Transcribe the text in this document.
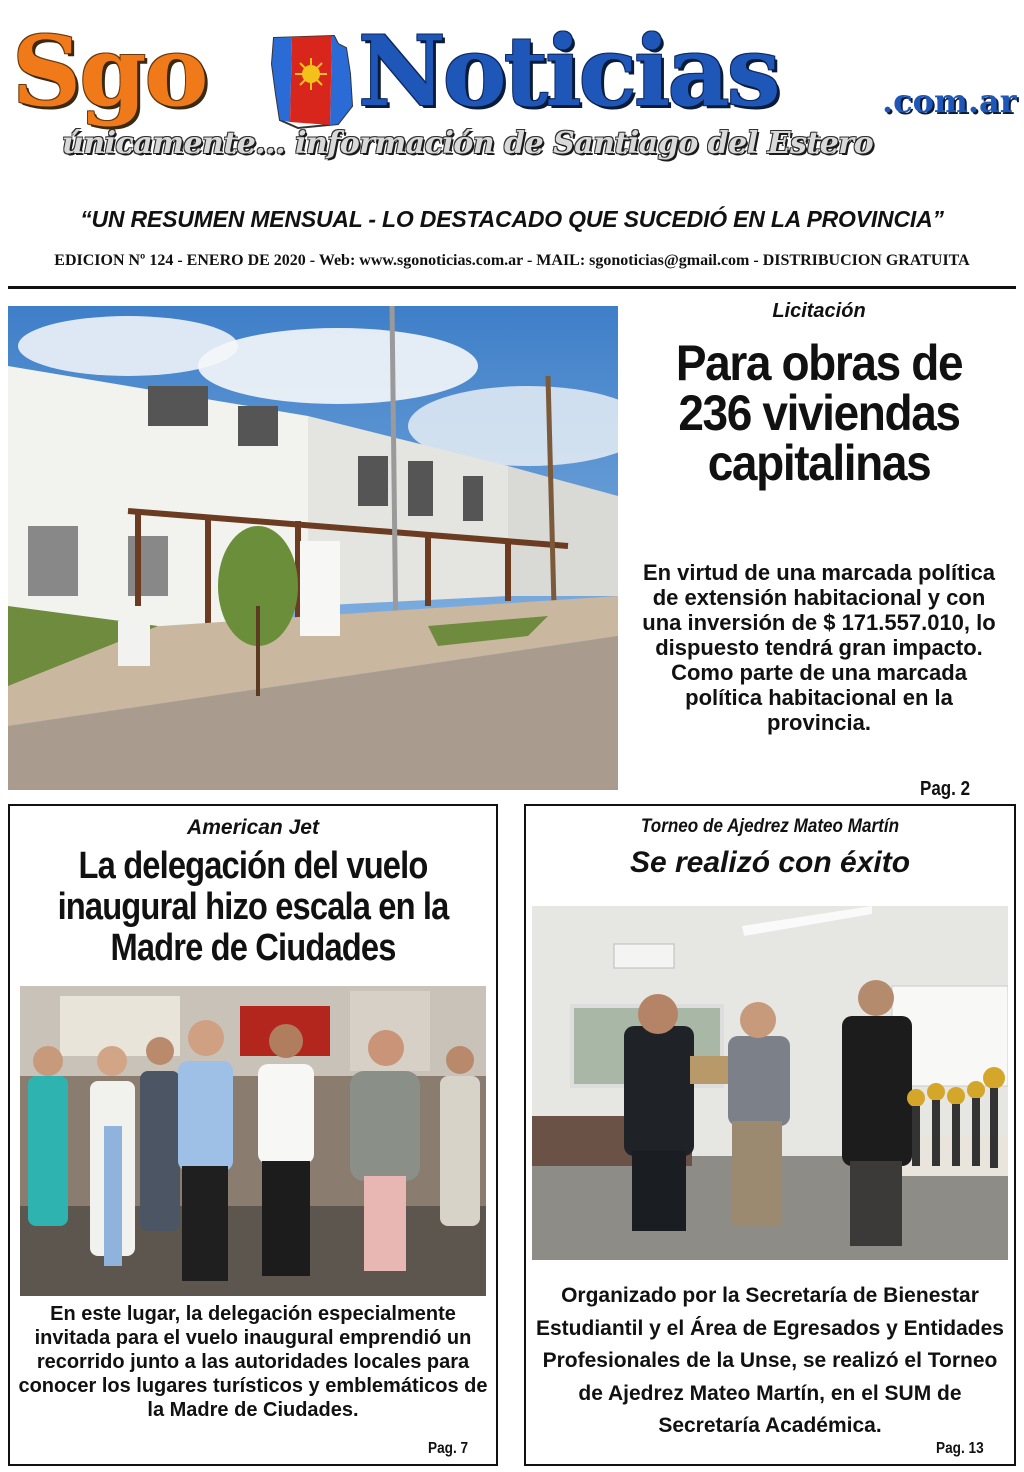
Sgo Noticias	.com.ar
únicamente... información de Santiago del Estero
“UN RESUMEN MENSUAL - LO DESTACADO QUE SUCEDIÓ EN LA PROVINCIA”
EDICION Nº 124 - ENERO DE 2020 - Web: www.sgonoticias.com.ar - MAIL: sgonoticias@gmail.com - DISTRIBUCION GRATUITA
Licitación
Para obras de 236 viviendas capitalinas
En virtud de una marcada política de extensión habitacional y con una inversión de $ 171.557.010, lo dispuesto tendrá gran impacto. Como parte de una marcada política habitacional en la provincia.
Pag. 2
American Jet
La delegación del vuelo inaugural hizo escala en la Madre de Ciudades
En este lugar, la delegación especialmente invitada para el vuelo inaugural emprendió un recorrido junto a las autoridades locales para conocer los lugares turísticos y emblemáticos de la Madre de Ciudades.
Pag. 7
Torneo de Ajedrez Mateo Martín
Se realizó con éxito
Organizado por la Secretaría de Bienestar Estudiantil y el Área de Egresados y Entidades Profesionales de la Unse, se realizó el Torneo de Ajedrez Mateo Martín, en el SUM de Secretaría Académica.
Pag. 13
